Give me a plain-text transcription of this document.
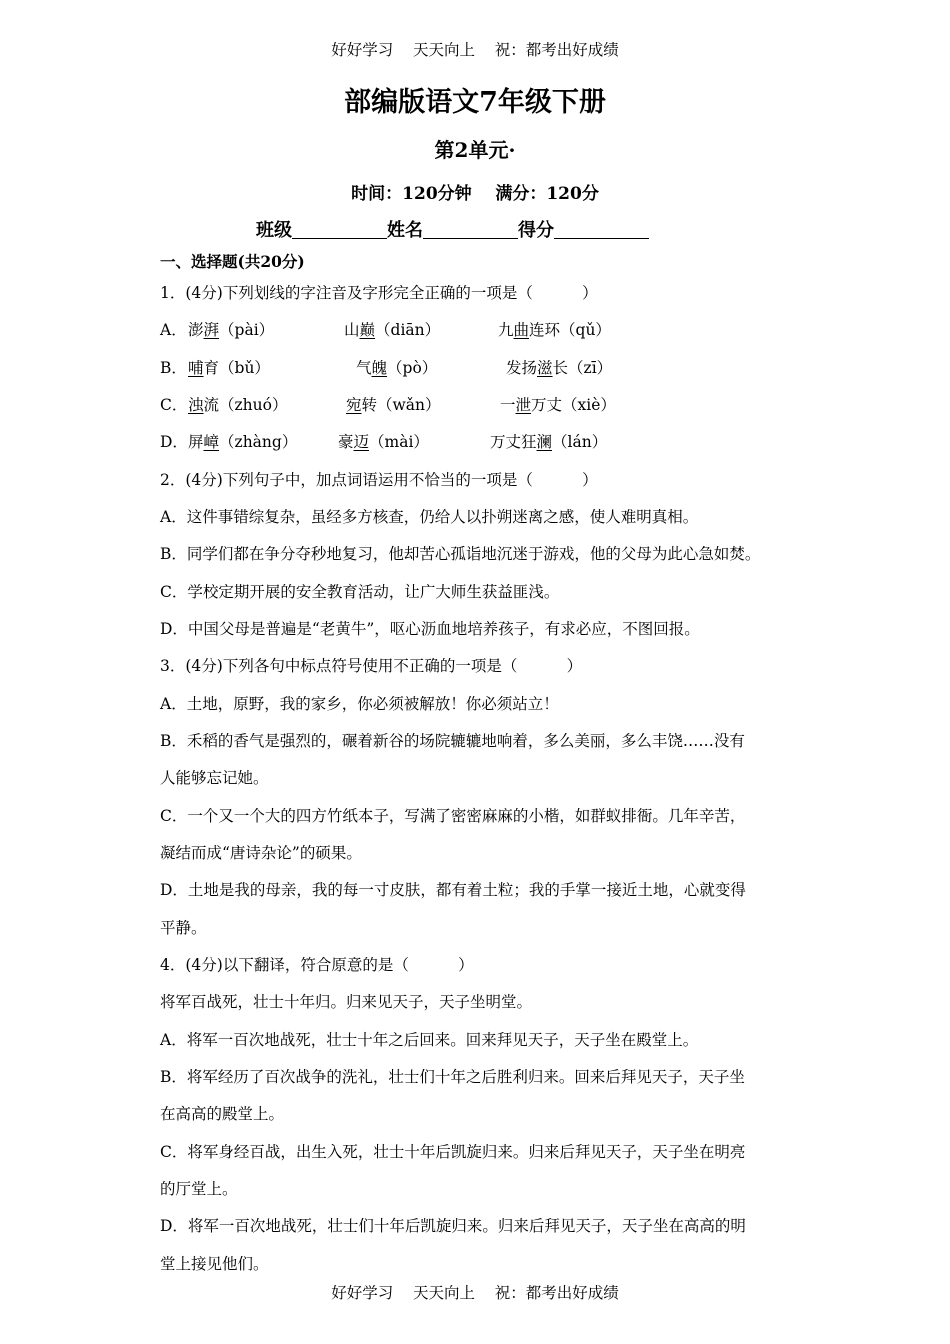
好好学习    天天向上    祝：都考出好成绩
部编版语文7年级下册
第2单元·
时间：120分钟    满分：120分
班级	姓名	得分
一、选择题(共20分)
1．(4分)下列划线的字注音及字形完全正确的一项是（          ）
A． 澎湃（pài）	山巅（diān）	九曲连环（qǔ）
B． 哺育（bǔ）	气魄（pò）	发扬滋长（zī）
C． 浊流（zhuó）	宛转（wǎn）	一泄万丈（xiè）
D． 屏嶂（zhàng）	豪迈（mài）	万丈狂澜（lán）
2．(4分)下列句子中，加点词语运用不恰当的一项是（          ）
A．这件事错综复杂，虽经多方核查，仍给人以扑朔迷离之感，使人难明真相。
B．同学们都在争分夺秒地复习，他却苦心孤诣地沉迷于游戏，他的父母为此心急如焚。
C．学校定期开展的安全教育活动，让广大师生获益匪浅。
D．中国父母是普遍是“老黄牛”，呕心沥血地培养孩子，有求必应，不图回报。
3．(4分)下列各句中标点符号使用不正确的一项是（          ）
A．土地，原野，我的家乡，你必须被解放！你必须站立！
B．禾稻的香气是强烈的，碾着新谷的场院辘辘地响着，多么美丽，多么丰饶……没有
人能够忘记她。
C．一个又一个大的四方竹纸本子，写满了密密麻麻的小楷，如群蚁排衙。几年辛苦，
凝结而成“唐诗杂论”的硕果。
D．土地是我的母亲，我的每一寸皮肤，都有着土粒；我的手掌一接近土地，心就变得
平静。
4．(4分)以下翻译，符合原意的是（          ）
将军百战死，壮士十年归。归来见天子，天子坐明堂。
A．将军一百次地战死，壮士十年之后回来。回来拜见天子，天子坐在殿堂上。
B．将军经历了百次战争的洗礼，壮士们十年之后胜利归来。回来后拜见天子，天子坐
在高高的殿堂上。
C．将军身经百战，出生入死，壮士十年后凯旋归来。归来后拜见天子，天子坐在明亮
的厅堂上。
D．将军一百次地战死，壮士们十年后凯旋归来。归来后拜见天子，天子坐在高高的明
堂上接见他们。
好好学习    天天向上    祝：都考出好成绩
